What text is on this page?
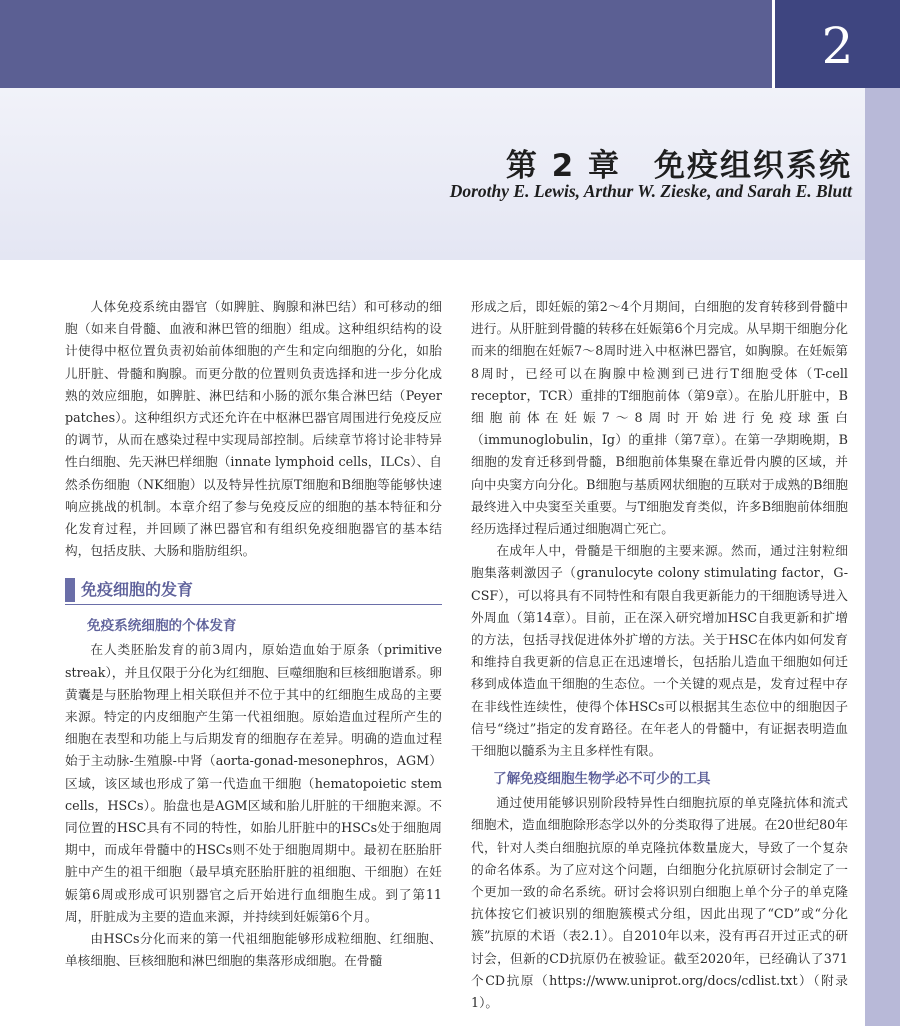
2
第 2 章　免疫组织系统
Dorothy E. Lewis, Arthur W. Zieske, and Sarah E. Blutt

人体免疫系统由器官（如脾脏、胸腺和淋巴结）和可移动的细胞（如来自骨髓、血液和淋巴管的细胞）组成。这种组织结构的设计使得中枢位置负责初始前体细胞的产生和定向细胞的分化，如胎儿肝脏、骨髓和胸腺。而更分散的位置则负责选择和进一步分化成熟的效应细胞，如脾脏、淋巴结和小肠的派尔集合淋巴结（Peyer patches）。这种组织方式还允许在中枢淋巴器官周围进行免疫反应的调节，从而在感染过程中实现局部控制。后续章节将讨论非特异性白细胞、先天淋巴样细胞（innate lymphoid cells，ILCs）、自然杀伤细胞（NK细胞）以及特异性抗原T细胞和B细胞等能够快速响应挑战的机制。本章介绍了参与免疫反应的细胞的基本特征和分化发育过程，并回顾了淋巴器官和有组织免疫细胞器官的基本结构，包括皮肤、大肠和脂肪组织。

免疫细胞的发育
免疫系统细胞的个体发育

在人类胚胎发育的前3周内，原始造血始于原条（primitive streak），并且仅限于分化为红细胞、巨噬细胞和巨核细胞谱系。卵黄囊是与胚胎物理上相关联但并不位于其中的红细胞生成岛的主要来源。特定的内皮细胞产生第一代祖细胞。原始造血过程所产生的细胞在表型和功能上与后期发育的细胞存在差异。明确的造血过程始于主动脉-生殖腺-中肾（aorta-gonad-mesonephros，AGM）区域，该区域也形成了第一代造血干细胞（hematopoietic stem cells，HSCs）。胎盘也是AGM区域和胎儿肝脏的干细胞来源。不同位置的HSC具有不同的特性，如胎儿肝脏中的HSCs处于细胞周期中，而成年骨髓中的HSCs则不处于细胞周期中。最初在胚胎肝脏中产生的祖干细胞（最早填充胚胎肝脏的祖细胞、干细胞）在妊娠第6周或形成可识别器官之后开始进行血细胞生成。到了第11周，肝脏成为主要的造血来源，并持续到妊娠第6个月。

由HSCs分化而来的第一代祖细胞能够形成粒细胞、红细胞、单核细胞、巨核细胞和淋巴细胞的集落形成细胞。在骨髓

形成之后，即妊娠的第2～4个月期间，白细胞的发育转移到骨髓中进行。从肝脏到骨髓的转移在妊娠第6个月完成。从早期干细胞分化而来的细胞在妊娠7～8周时进入中枢淋巴器官，如胸腺。在妊娠第8周时，已经可以在胸腺中检测到已进行T细胞受体（T-cell receptor，TCR）重排的T细胞前体（第9章）。在胎儿肝脏中，B细胞前体在妊娠7～8周时开始进行免疫球蛋白（immunoglobulin，Ig）的重排（第7章）。在第一孕期晚期，B细胞的发育迁移到骨髓，B细胞前体集聚在靠近骨内膜的区域，并向中央窦方向分化。B细胞与基质网状细胞的互联对于成熟的B细胞最终进入中央窦至关重要。与T细胞发育类似，许多B细胞前体细胞经历选择过程后通过细胞凋亡死亡。

在成年人中，骨髓是干细胞的主要来源。然而，通过注射粒细胞集落刺激因子（granulocyte colony stimulating factor，G-CSF），可以将具有不同特性和有限自我更新能力的干细胞诱导进入外周血（第14章）。目前，正在深入研究增加HSC自我更新和扩增的方法，包括寻找促进体外扩增的方法。关于HSC在体内如何发育和维持自我更新的信息正在迅速增长，包括胎儿造血干细胞如何迁移到成体造血干细胞的生态位。一个关键的观点是，发育过程中存在非线性连续性，使得个体HSCs可以根据其生态位中的细胞因子信号“绕过”指定的发育路径。在年老人的骨髓中，有证据表明造血干细胞以髓系为主且多样性有限。

了解免疫细胞生物学必不可少的工具

通过使用能够识别阶段特异性白细胞抗原的单克隆抗体和流式细胞术，造血细胞除形态学以外的分类取得了进展。在20世纪80年代，针对人类白细胞抗原的单克隆抗体数量庞大，导致了一个复杂的命名体系。为了应对这个问题，白细胞分化抗原研讨会制定了一个更加一致的命名系统。研讨会将识别白细胞上单个分子的单克隆抗体按它们被识别的细胞簇模式分组，因此出现了“CD”或“分化簇”抗原的术语（表2.1）。自2010年以来，没有再召开过正式的研讨会，但新的CD抗原仍在被验证。截至2020年，已经确认了371个CD抗原（https://www.uniprot.org/docs/cdlist.txt）（附录1）。
